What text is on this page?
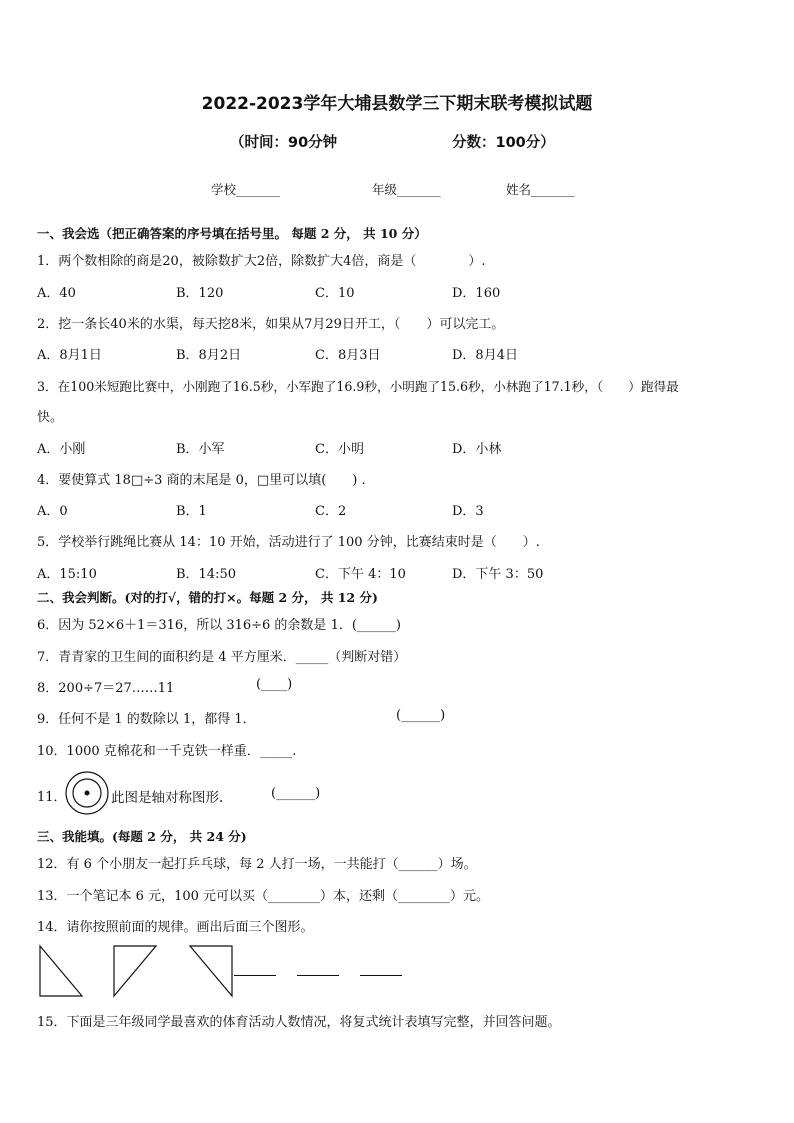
2022-2023学年大埔县数学三下期末联考模拟试题
（时间：90分钟	分数：100分）
学校_______	年级_______	姓名_______
一、我会选（把正确答案的序号填在括号里。 每题 2 分， 共 10 分）
1．两个数相除的商是20，被除数扩大2倍，除数扩大4倍，商是（　　　　）.
A．40	B．120	C．10	D．160
2．挖一条长40米的水渠，每天挖8米，如果从7月29日开工，（　　）可以完工。
A．8月1日	B．8月2日	C．8月3日	D．8月4日
3．在100米短跑比赛中，小刚跑了16.5秒，小军跑了16.9秒，小明跑了15.6秒，小林跑了17.1秒，（　　）跑得最
快。
A．小刚	B．小军	C．小明	D．小林
4．要使算式 18□÷3 商的末尾是 0，□里可以填(　　) .
A．0	B．1	C．2	D．3
5．学校举行跳绳比赛从 14：10 开始，活动进行了 100 分钟，比赛结束时是（　　）.
A．15:10	B．14:50	C．下午 4：10	D．下午 3：50
二、我会判断。(对的打√，错的打×。每题 2 分， 共 12 分)
6．因为 52×6＋1＝316，所以 316÷6 的余数是 1．(______)
7．青青家的卫生间的面积约是 4 平方厘米．_____（判断对错）
8．200÷7＝27……11	(____)
9．任何不是 1 的数除以 1，都得 1．	(______)
10．1000 克棉花和一千克铁一样重．_____.
11．	此图是轴对称图形.	(______)
三、我能填。(每题 2 分， 共 24 分)
12．有 6 个小朋友一起打乒乓球，每 2 人打一场，一共能打（______）场。
13．一个笔记本 6 元，100 元可以买（________）本，还剩（________）元。
14．请你按照前面的规律。画出后面三个图形。
15．下面是三年级同学最喜欢的体育活动人数情况，将复式统计表填写完整，并回答问题。
